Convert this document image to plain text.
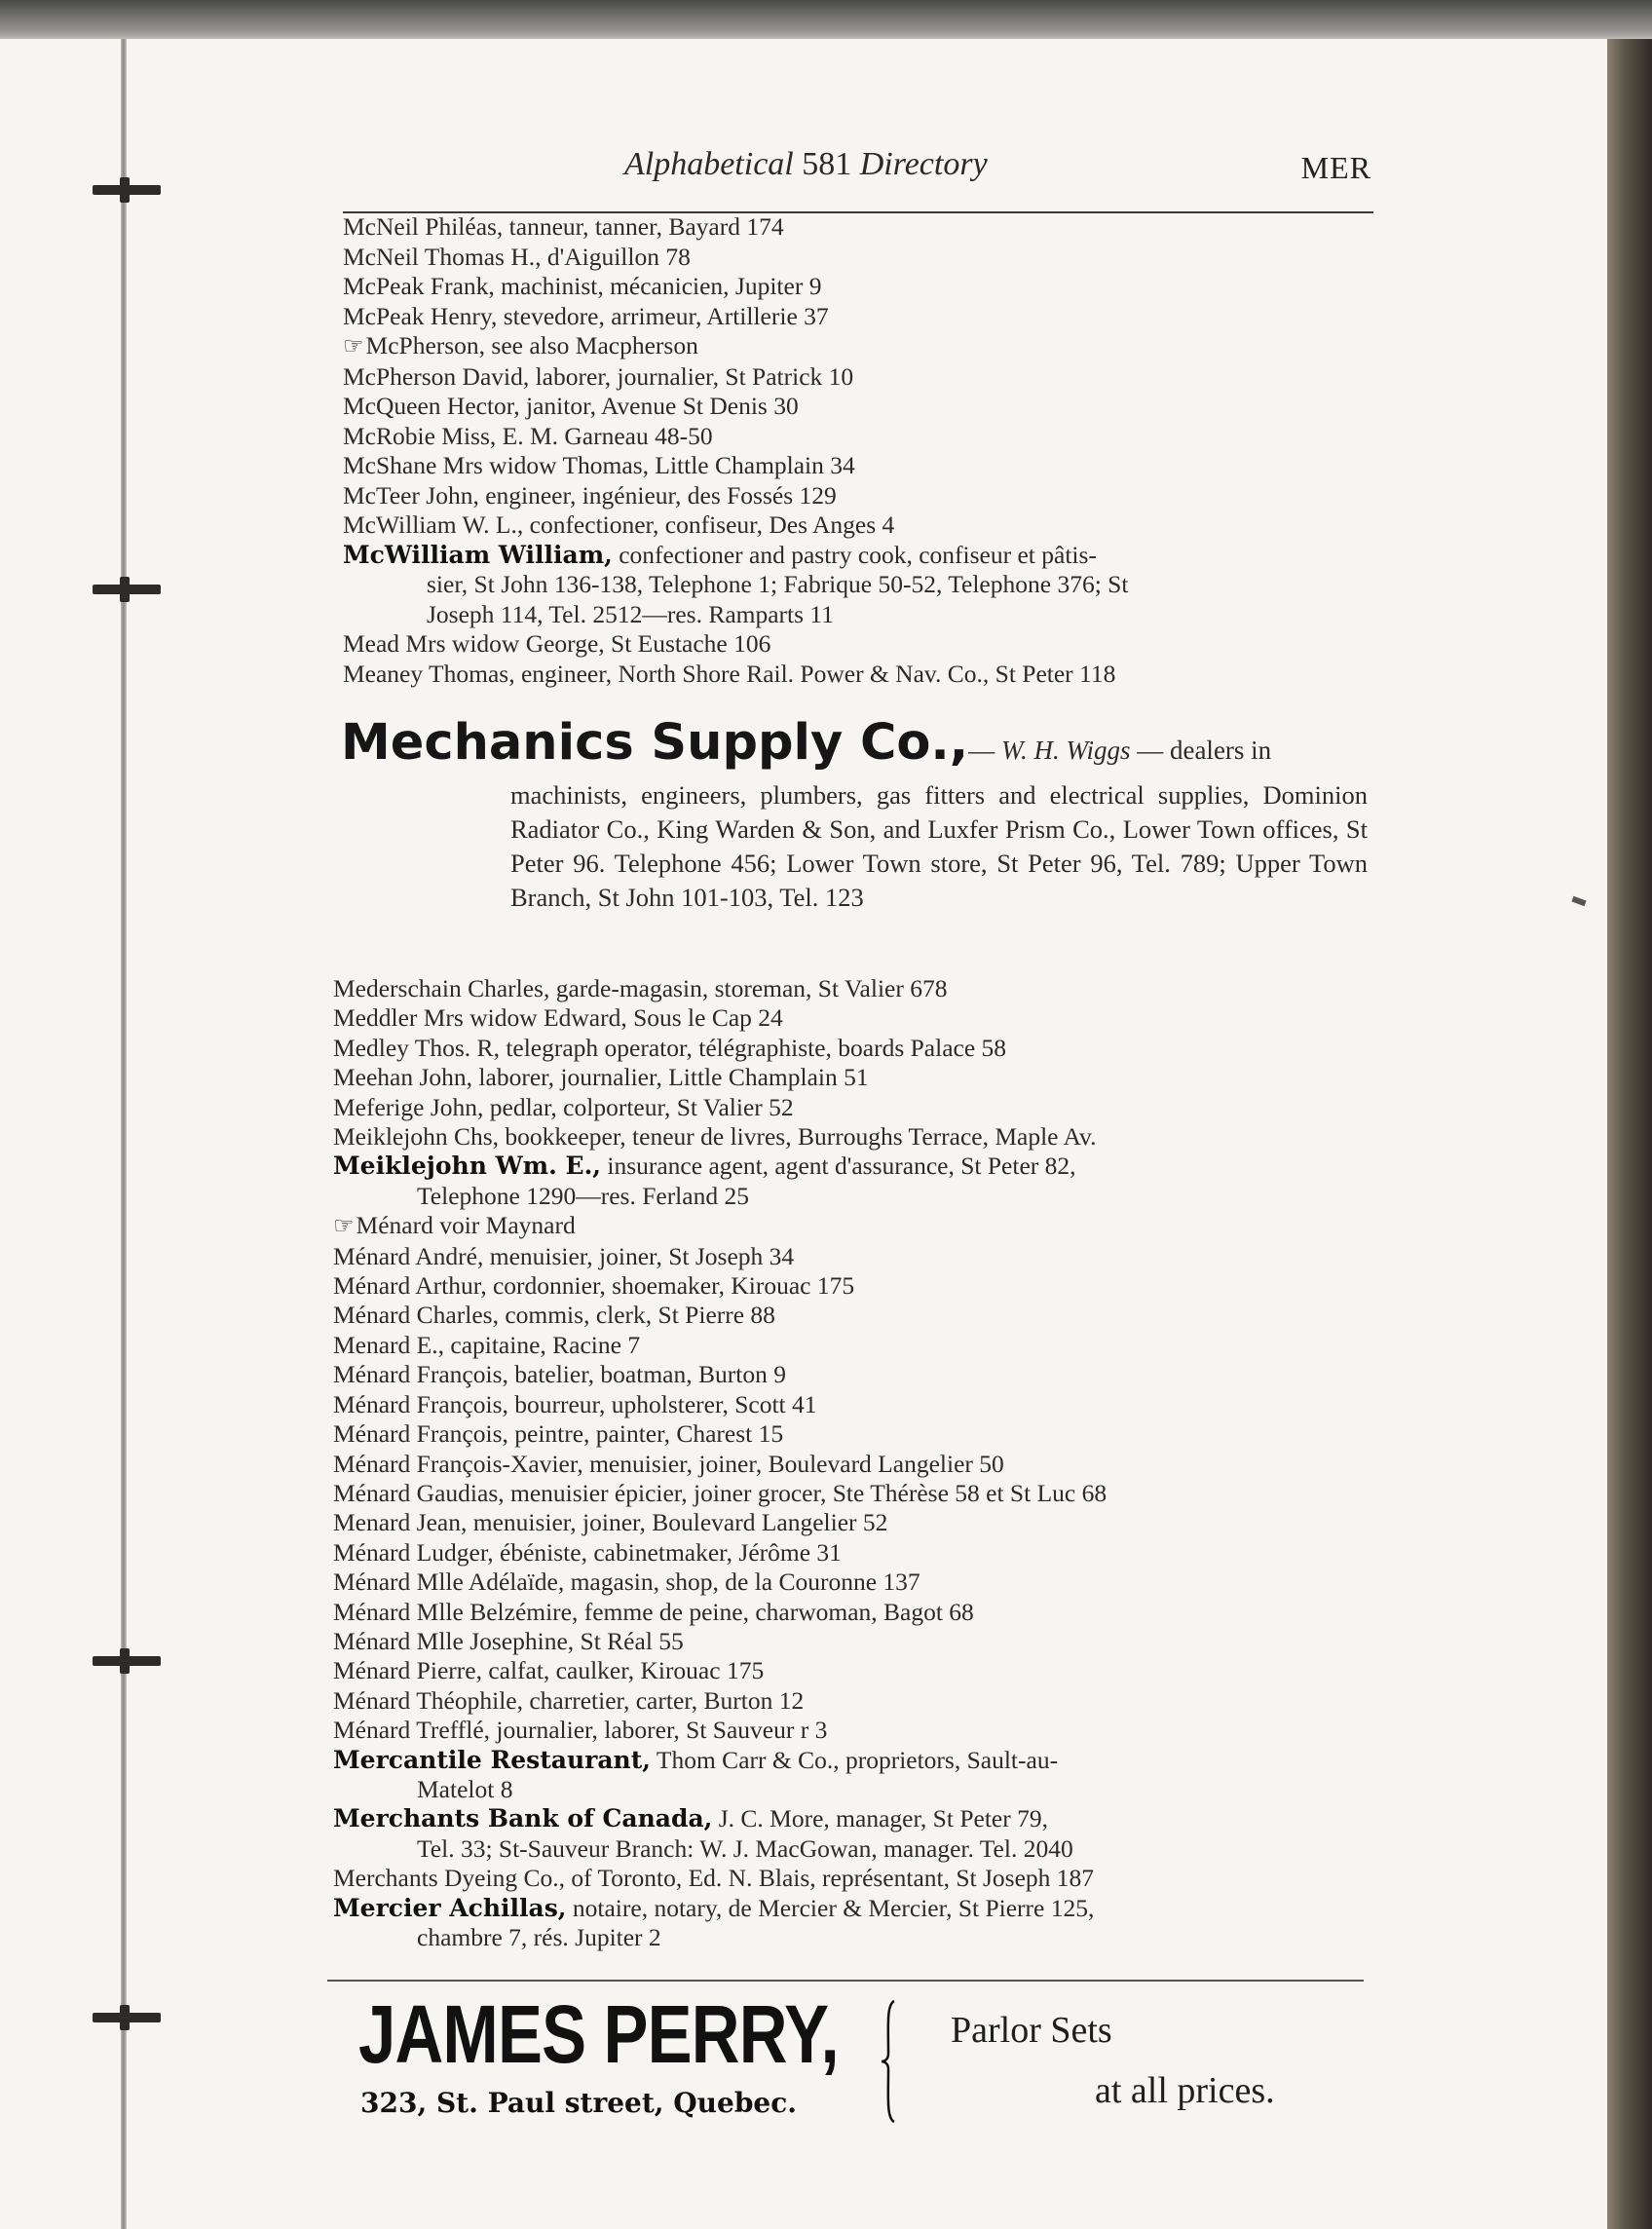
Alphabetical 581 Directory	MER
McNeil Philéas, tanneur, tanner, Bayard 174
McNeil Thomas H., d'Aiguillon 78
McPeak Frank, machinist, mécanicien, Jupiter 9
McPeak Henry, stevedore, arrimeur, Artillerie 37
☞McPherson, see also Macpherson
McPherson David, laborer, journalier, St Patrick 10
McQueen Hector, janitor, Avenue St Denis 30
McRobie Miss, E. M. Garneau 48-50
McShane Mrs widow Thomas, Little Champlain 34
McTeer John, engineer, ingénieur, des Fossés 129
McWilliam W. L., confectioner, confiseur, Des Anges 4
McWilliam William, confectioner and pastry cook, confiseur et pâtis-
sier, St John 136-138, Telephone 1; Fabrique 50-52, Telephone 376; St
Joseph 114, Tel. 2512—res. Ramparts 11
Mead Mrs widow George, St Eustache 106
Meaney Thomas, engineer, North Shore Rail. Power & Nav. Co., St Peter 118
Mechanics Supply Co.,— W. H. Wiggs — dealers in
machinists, engineers, plumbers, gas fitters and electrical supplies, Dominion Radiator Co., King Warden & Son, and Luxfer Prism Co., Lower Town offices, St Peter 96. Telephone 456; Lower Town store, St Peter 96, Tel. 789; Upper Town Branch, St John 101-103, Tel. 123
Mederschain Charles, garde-magasin, storeman, St Valier 678
Meddler Mrs widow Edward, Sous le Cap 24
Medley Thos. R, telegraph operator, télégraphiste, boards Palace 58
Meehan John, laborer, journalier, Little Champlain 51
Meferige John, pedlar, colporteur, St Valier 52
Meiklejohn Chs, bookkeeper, teneur de livres, Burroughs Terrace, Maple Av.
Meiklejohn Wm. E., insurance agent, agent d'assurance, St Peter 82,
Telephone 1290—res. Ferland 25
☞Ménard voir Maynard
Ménard André, menuisier, joiner, St Joseph 34
Ménard Arthur, cordonnier, shoemaker, Kirouac 175
Ménard Charles, commis, clerk, St Pierre 88
Menard E., capitaine, Racine 7
Ménard François, batelier, boatman, Burton 9
Ménard François, bourreur, upholsterer, Scott 41
Ménard François, peintre, painter, Charest 15
Ménard François-Xavier, menuisier, joiner, Boulevard Langelier 50
Ménard Gaudias, menuisier épicier, joiner grocer, Ste Thérèse 58 et St Luc 68
Menard Jean, menuisier, joiner, Boulevard Langelier 52
Ménard Ludger, ébéniste, cabinetmaker, Jérôme 31
Ménard Mlle Adélaïde, magasin, shop, de la Couronne 137
Ménard Mlle Belzémire, femme de peine, charwoman, Bagot 68
Ménard Mlle Josephine, St Réal 55
Ménard Pierre, calfat, caulker, Kirouac 175
Ménard Théophile, charretier, carter, Burton 12
Ménard Trefflé, journalier, laborer, St Sauveur r 3
Mercantile Restaurant, Thom Carr & Co., proprietors, Sault-au-
Matelot 8
Merchants Bank of Canada, J. C. More, manager, St Peter 79,
Tel. 33; St-Sauveur Branch: W. J. MacGowan, manager. Tel. 2040
Merchants Dyeing Co., of Toronto, Ed. N. Blais, représentant, St Joseph 187
Mercier Achillas, notaire, notary, de Mercier & Mercier, St Pierre 125,
chambre 7, rés. Jupiter 2
JAMES PERRY,
323, St. Paul street, Quebec.
Parlor Sets
at all prices.
